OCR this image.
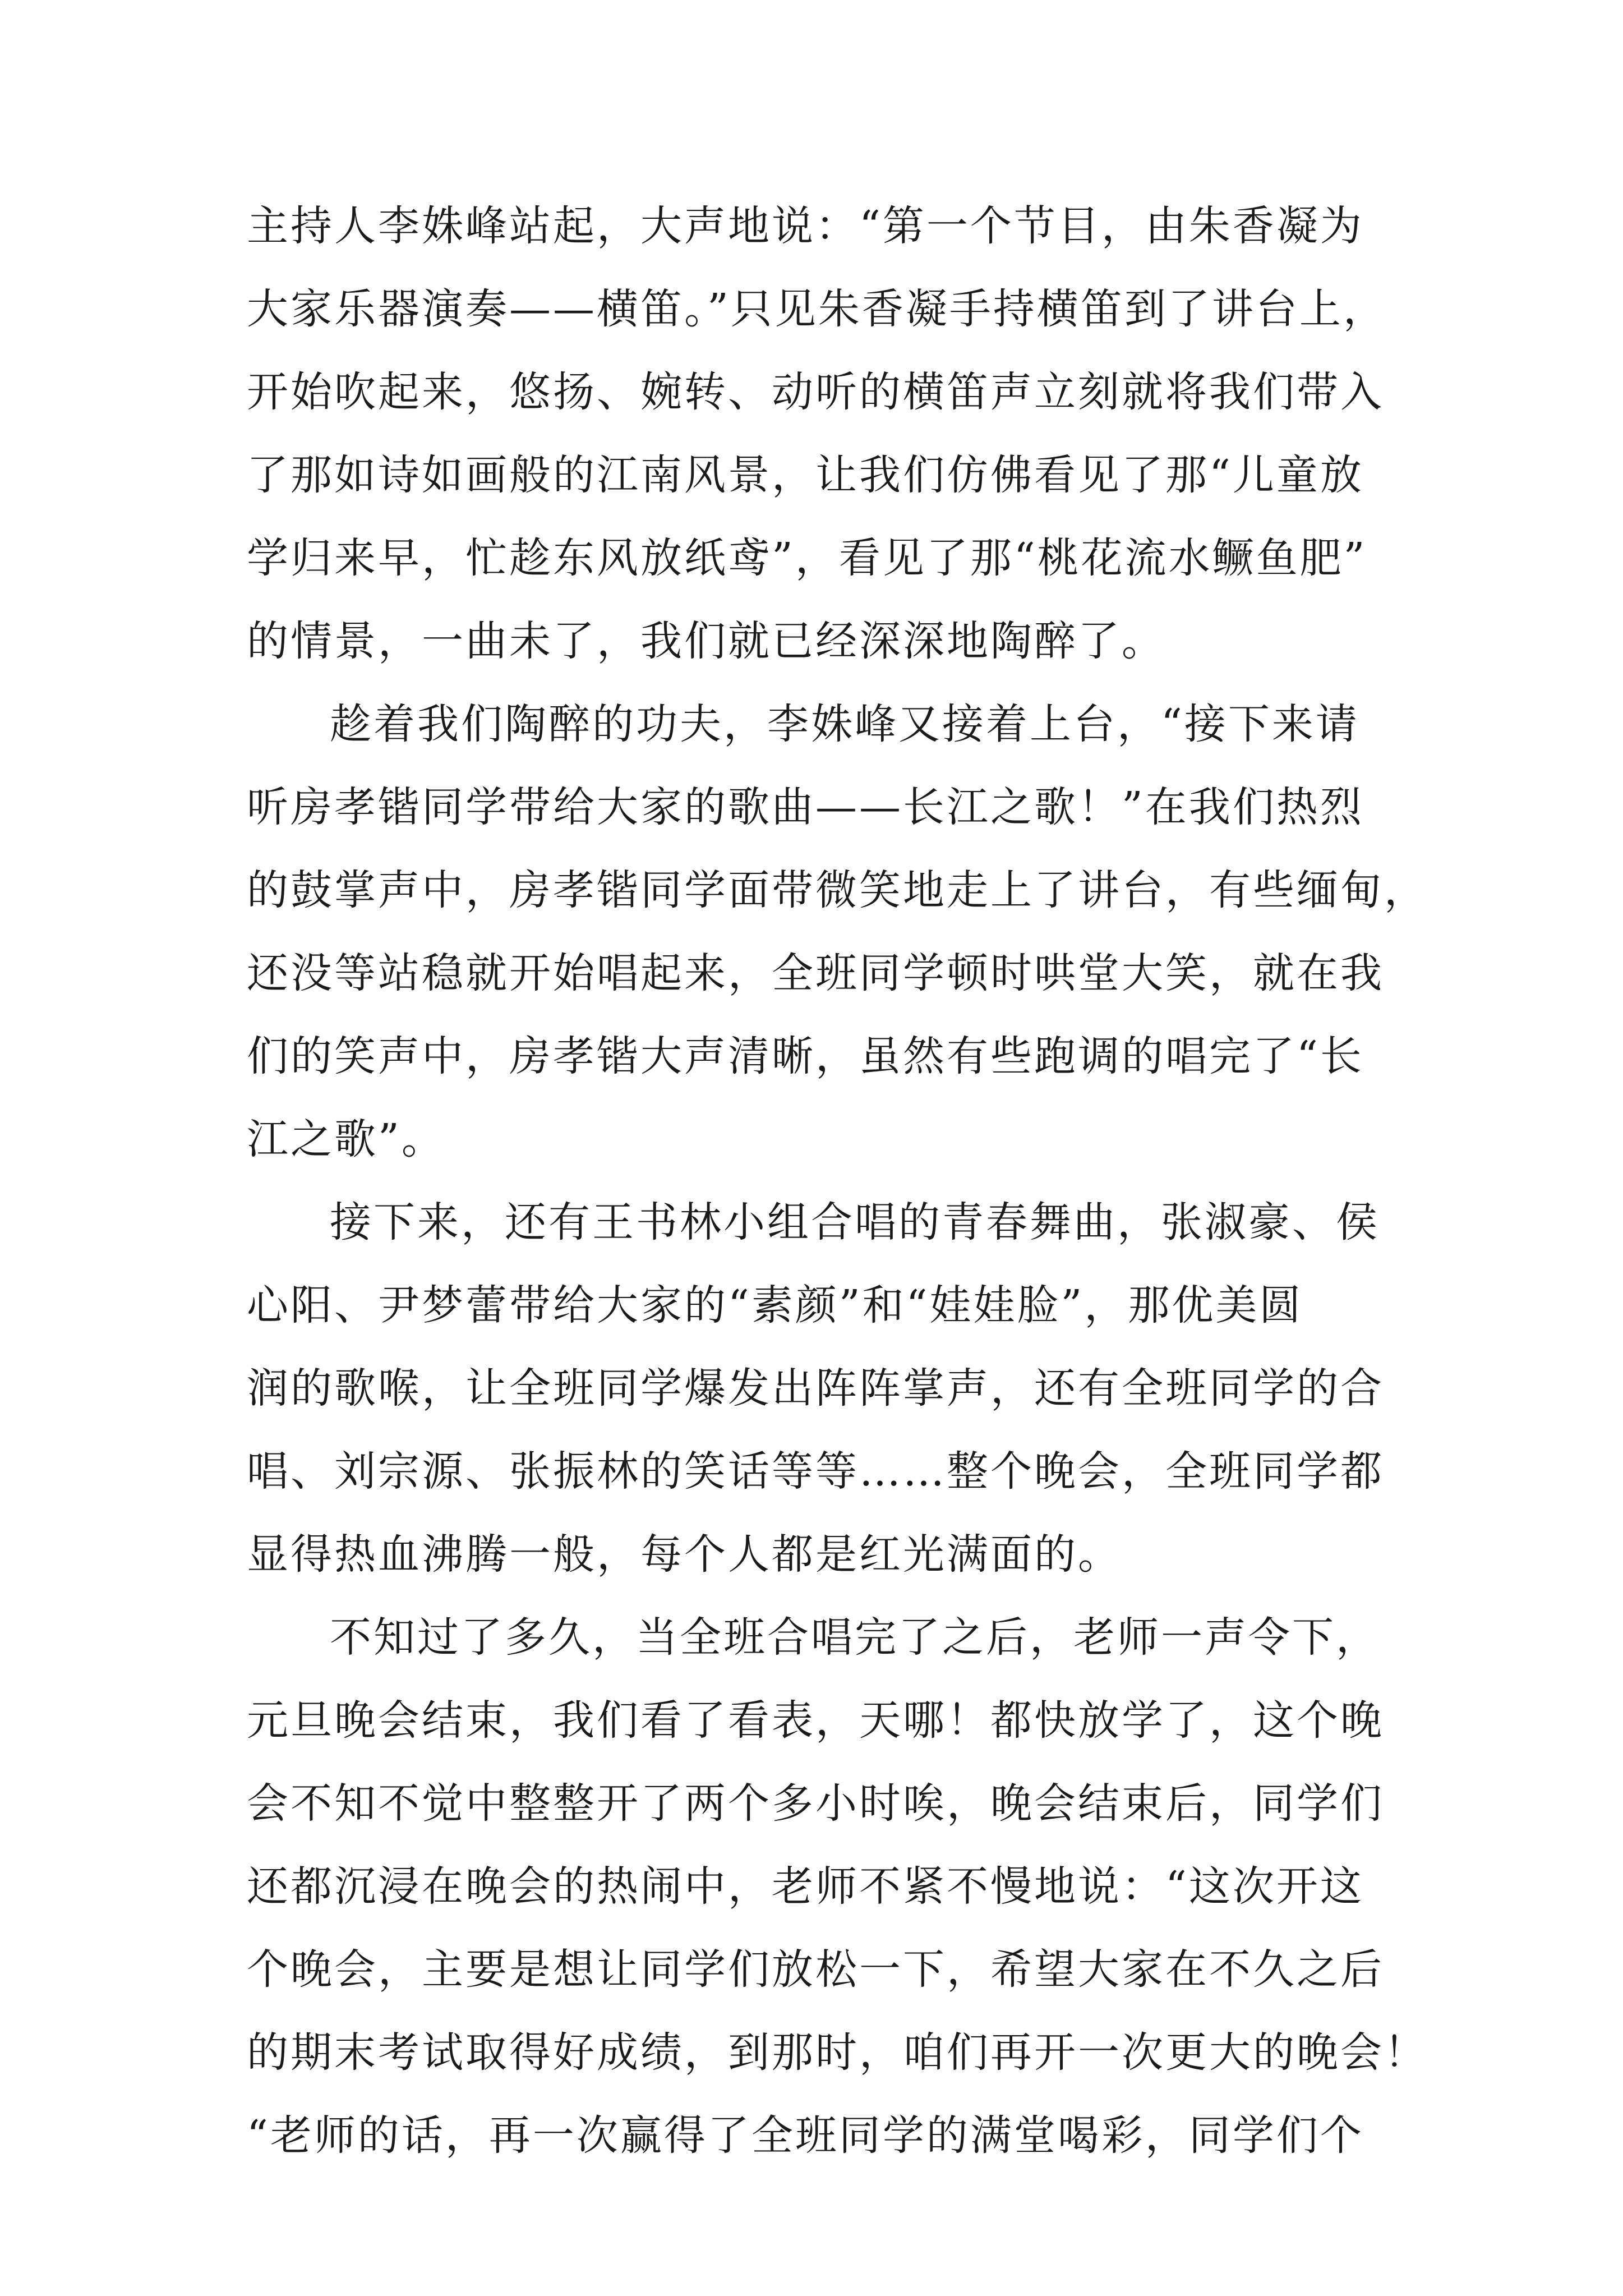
主持人李姝峰站起，大声地说：“第一个节目，由朱香凝为
大家乐器演奏——横笛。”只见朱香凝手持横笛到了讲台上，
开始吹起来，悠扬、婉转、动听的横笛声立刻就将我们带入
了那如诗如画般的江南风景，让我们仿佛看见了那“儿童放
学归来早，忙趁东风放纸鸢”，看见了那“桃花流水鳜鱼肥”
的情景，一曲未了，我们就已经深深地陶醉了。
趁着我们陶醉的功夫，李姝峰又接着上台，“接下来请
听房孝锴同学带给大家的歌曲——长江之歌！”在我们热烈
的鼓掌声中，房孝锴同学面带微笑地走上了讲台，有些缅甸，
还没等站稳就开始唱起来，全班同学顿时哄堂大笑，就在我
们的笑声中，房孝锴大声清晰，虽然有些跑调的唱完了“长
江之歌”。
接下来，还有王书林小组合唱的青春舞曲，张淑豪、侯
心阳、尹梦蕾带给大家的“素颜”和“娃娃脸”，那优美圆
润的歌喉，让全班同学爆发出阵阵掌声，还有全班同学的合
唱、刘宗源、张振林的笑话等等……整个晚会，全班同学都
显得热血沸腾一般，每个人都是红光满面的。
不知过了多久，当全班合唱完了之后，老师一声令下，
元旦晚会结束，我们看了看表，天哪！都快放学了，这个晚
会不知不觉中整整开了两个多小时唉，晚会结束后，同学们
还都沉浸在晚会的热闹中，老师不紧不慢地说：“这次开这
个晚会，主要是想让同学们放松一下，希望大家在不久之后
的期末考试取得好成绩，到那时，咱们再开一次更大的晚会！
“老师的话，再一次赢得了全班同学的满堂喝彩，同学们个
